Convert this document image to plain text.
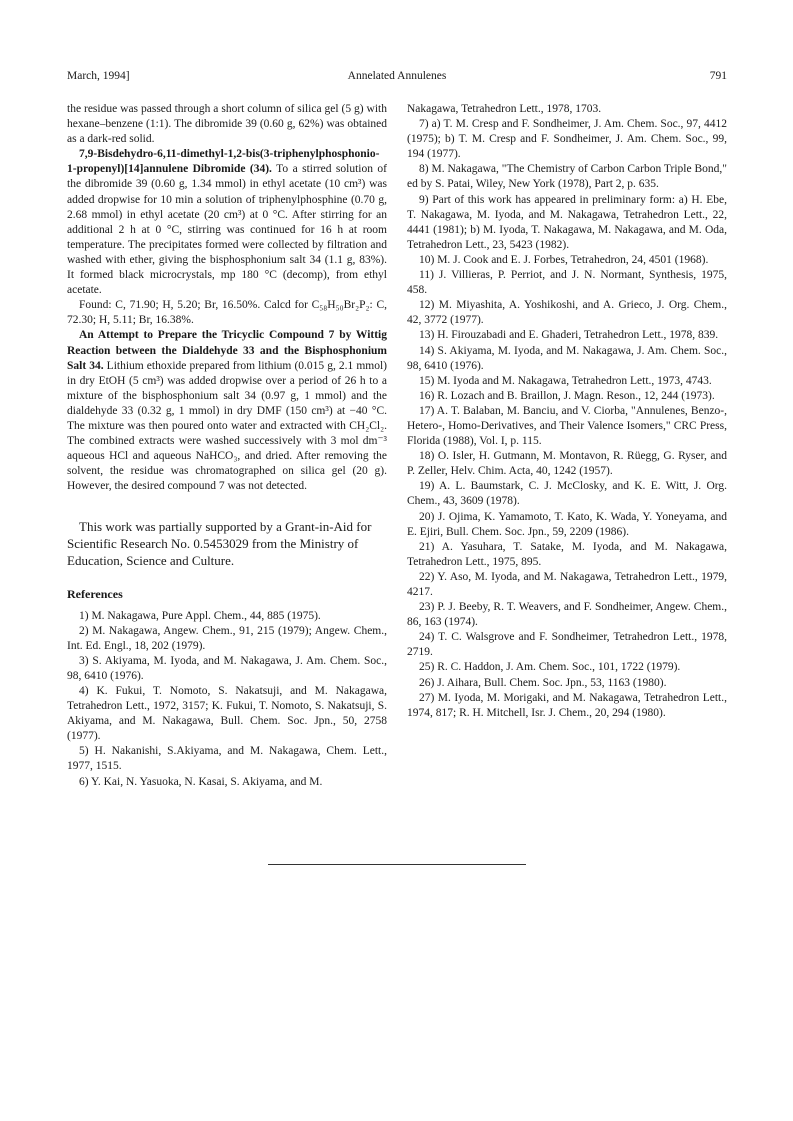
March, 1994]	Annelated Annulenes	791

the residue was passed through a short column of silica gel (5 g) with hexane–benzene (1:1). The dibromide 39 (0.60 g, 62%) was obtained as a dark-red solid.

7,9-Bisdehydro-6,11-dimethyl-1,2-bis(3-triphenylphosphonio-1-propenyl)[14]annulene Dibromide (34). To a stirred solution of the dibromide 39 (0.60 g, 1.34 mmol) in ethyl acetate (10 cm³) was added dropwise for 10 min a solution of triphenylphosphine (0.70 g, 2.68 mmol) in ethyl acetate (20 cm³) at 0 °C. After stirring for an additional 2 h at 0 °C, stirring was continued for 16 h at room temperature. The precipitates formed were collected by filtration and washed with ether, giving the bisphosphonium salt 34 (1.1 g, 83%). It formed black microcrystals, mp 180 °C (decomp), from ethyl acetate.

Found: C, 71.90; H, 5.20; Br, 16.50%. Calcd for C₅₈H₅₀Br₂P₂: C, 72.30; H, 5.11; Br, 16.38%.

An Attempt to Prepare the Tricyclic Compound 7 by Wittig Reaction between the Dialdehyde 33 and the Bisphosphonium Salt 34. Lithium ethoxide prepared from lithium (0.015 g, 2.1 mmol) in dry EtOH (5 cm³) was added dropwise over a period of 26 h to a mixture of the bisphosphonium salt 34 (0.97 g, 1 mmol) and the dialdehyde 33 (0.32 g, 1 mmol) in dry DMF (150 cm³) at −40 °C. The mixture was then poured onto water and extracted with CH₂Cl₂. The combined extracts were washed successively with 3 mol dm⁻³ aqueous HCl and aqueous NaHCO₃, and dried. After removing the solvent, the residue was chromatographed on silica gel (20 g). However, the desired compound 7 was not detected.

This work was partially supported by a Grant-in-Aid for Scientific Research No. 0.5453029 from the Ministry of Education, Science and Culture.

References

1) M. Nakagawa, Pure Appl. Chem., 44, 885 (1975).

2) M. Nakagawa, Angew. Chem., 91, 215 (1979); Angew. Chem., Int. Ed. Engl., 18, 202 (1979).

3) S. Akiyama, M. Iyoda, and M. Nakagawa, J. Am. Chem. Soc., 98, 6410 (1976).

4) K. Fukui, T. Nomoto, S. Nakatsuji, and M. Nakagawa, Tetrahedron Lett., 1972, 3157; K. Fukui, T. Nomoto, S. Nakatsuji, S. Akiyama, and M. Nakagawa, Bull. Chem. Soc. Jpn., 50, 2758 (1977).

5) H. Nakanishi, S.Akiyama, and M. Nakagawa, Chem. Lett., 1977, 1515.

6) Y. Kai, N. Yasuoka, N. Kasai, S. Akiyama, and M.

Nakagawa, Tetrahedron Lett., 1978, 1703.

7) a) T. M. Cresp and F. Sondheimer, J. Am. Chem. Soc., 97, 4412 (1975); b) T. M. Cresp and F. Sondheimer, J. Am. Chem. Soc., 99, 194 (1977).

8) M. Nakagawa, "The Chemistry of Carbon Carbon Triple Bond," ed by S. Patai, Wiley, New York (1978), Part 2, p. 635.

9) Part of this work has appeared in preliminary form: a) H. Ebe, T. Nakagawa, M. Iyoda, and M. Nakagawa, Tetrahedron Lett., 22, 4441 (1981); b) M. Iyoda, T. Nakagawa, M. Nakagawa, and M. Oda, Tetrahedron Lett., 23, 5423 (1982).

10) M. J. Cook and E. J. Forbes, Tetrahedron, 24, 4501 (1968).

11) J. Villieras, P. Perriot, and J. N. Normant, Synthesis, 1975, 458.

12) M. Miyashita, A. Yoshikoshi, and A. Grieco, J. Org. Chem., 42, 3772 (1977).

13) H. Firouzabadi and E. Ghaderi, Tetrahedron Lett., 1978, 839.

14) S. Akiyama, M. Iyoda, and M. Nakagawa, J. Am. Chem. Soc., 98, 6410 (1976).

15) M. Iyoda and M. Nakagawa, Tetrahedron Lett., 1973, 4743.

16) R. Lozach and B. Braillon, J. Magn. Reson., 12, 244 (1973).

17) A. T. Balaban, M. Banciu, and V. Ciorba, "Annulenes, Benzo-, Hetero-, Homo-Derivatives, and Their Valence Isomers," CRC Press, Florida (1988), Vol. I, p. 115.

18) O. Isler, H. Gutmann, M. Montavon, R. Rüegg, G. Ryser, and P. Zeller, Helv. Chim. Acta, 40, 1242 (1957).

19) A. L. Baumstark, C. J. McClosky, and K. E. Witt, J. Org. Chem., 43, 3609 (1978).

20) J. Ojima, K. Yamamoto, T. Kato, K. Wada, Y. Yoneyama, and E. Ejiri, Bull. Chem. Soc. Jpn., 59, 2209 (1986).

21) A. Yasuhara, T. Satake, M. Iyoda, and M. Nakagawa, Tetrahedron Lett., 1975, 895.

22) Y. Aso, M. Iyoda, and M. Nakagawa, Tetrahedron Lett., 1979, 4217.

23) P. J. Beeby, R. T. Weavers, and F. Sondheimer, Angew. Chem., 86, 163 (1974).

24) T. C. Walsgrove and F. Sondheimer, Tetrahedron Lett., 1978, 2719.

25) R. C. Haddon, J. Am. Chem. Soc., 101, 1722 (1979).

26) J. Aihara, Bull. Chem. Soc. Jpn., 53, 1163 (1980).

27) M. Iyoda, M. Morigaki, and M. Nakagawa, Tetrahedron Lett., 1974, 817; R. H. Mitchell, Isr. J. Chem., 20, 294 (1980).
